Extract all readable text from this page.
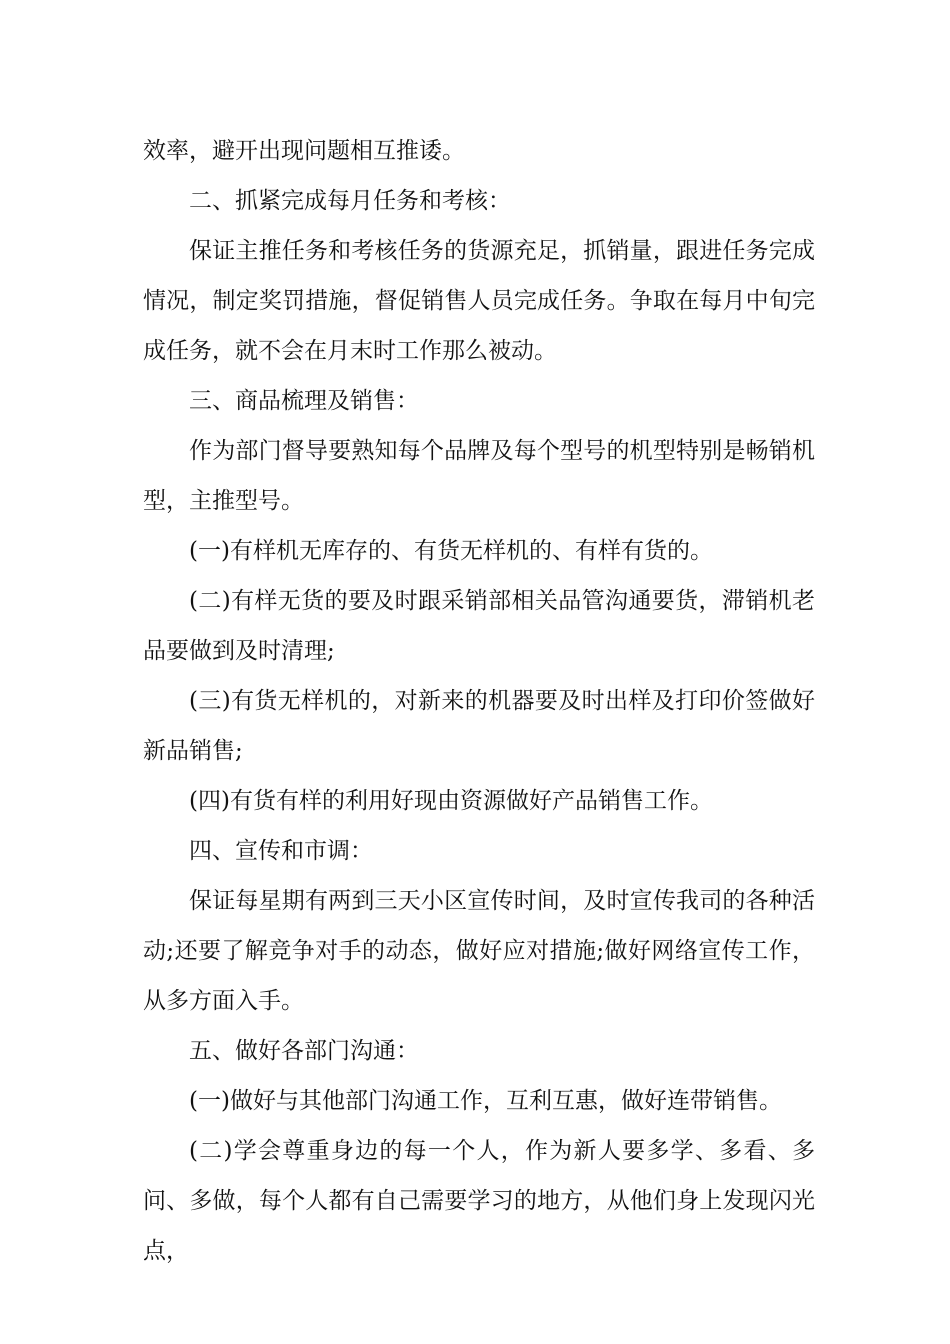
效率，避开出现问题相互推诿。

二、抓紧完成每月任务和考核：

保证主推任务和考核任务的货源充足，抓销量，跟进任务完成情况，制定奖罚措施，督促销售人员完成任务。争取在每月中旬完成任务，就不会在月末时工作那么被动。

三、商品梳理及销售：

作为部门督导要熟知每个品牌及每个型号的机型特别是畅销机型，主推型号。

(一)有样机无库存的、有货无样机的、有样有货的。

(二)有样无货的要及时跟采销部相关品管沟通要货，滞销机老品要做到及时清理;

(三)有货无样机的，对新来的机器要及时出样及打印价签做好新品销售;

(四)有货有样的利用好现由资源做好产品销售工作。

四、宣传和市调：

保证每星期有两到三天小区宣传时间，及时宣传我司的各种活动;还要了解竞争对手的动态，做好应对措施;做好网络宣传工作，从多方面入手。

五、做好各部门沟通：

(一)做好与其他部门沟通工作，互利互惠，做好连带销售。

(二)学会尊重身边的每一个人，作为新人要多学、多看、多问、多做，每个人都有自己需要学习的地方，从他们身上发现闪光点，
